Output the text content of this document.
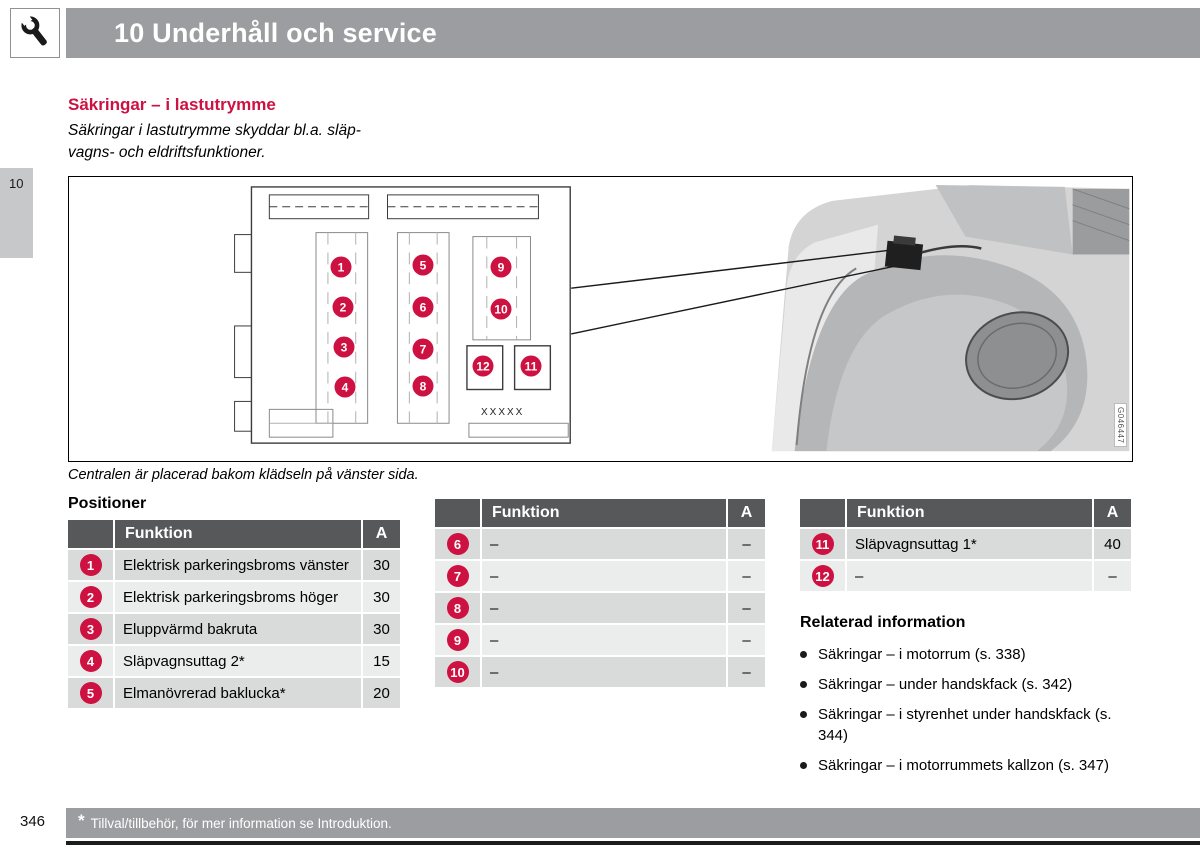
10 Underhåll och service
10
Säkringar – i lastutrymme

Säkringar i lastutrymme skyddar bl.a. släp-
vagns- och eldriftsfunktioner.

1
2
3
4
5
6
7
8
9
10
11
12
XXXXX	G046447

Centralen är placerad bakom klädseln på vänster sida.

Positioner
	Funktion	A
1	Elektrisk parkeringsbroms vänster	30
2	Elektrisk parkeringsbroms höger	30
3	Eluppvärmd bakruta	30
4	Släpvagnsuttag 2*	15
5	Elmanövrerad baklucka*	20
	Funktion	A
6	–	–
7	–	–
8	–	–
9	–	–
10	–	–
	Funktion	A
11	Släpvagnsuttag 1*	40
12	–	–
Relaterad information
Säkringar – i motorrum (s. 338)
Säkringar – under handskfack (s. 342)
Säkringar – i styrenhet under handskfack (s. 344)
Säkringar – i motorrummets kallzon (s. 347)
346 * Tillval/tillbehör, för mer information se Introduktion.
